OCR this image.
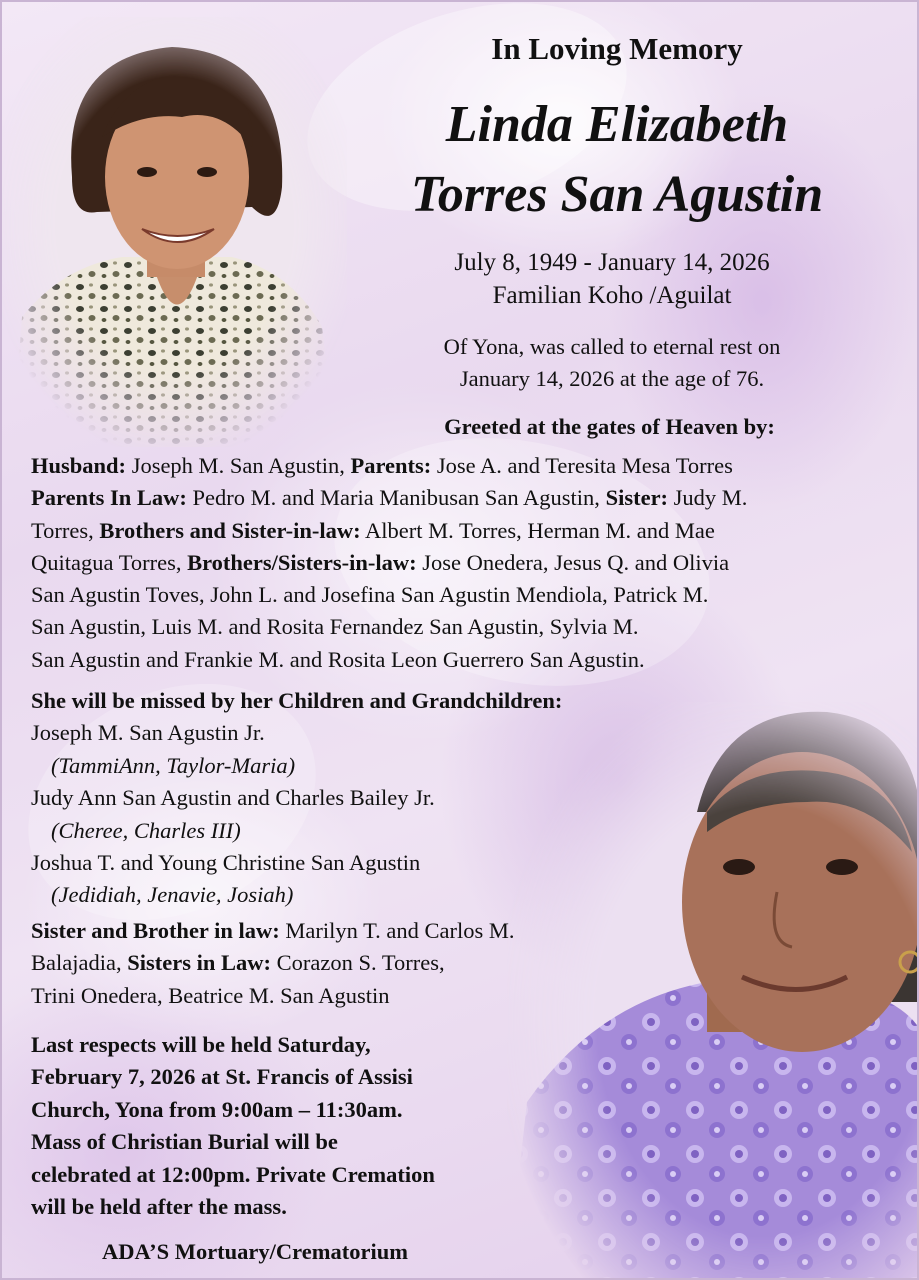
In Loving Memory
Linda Elizabeth
Torres San Agustin
July 8, 1949 - January 14, 2026
Familian Koho /Aguilat
Of Yona, was called to eternal rest on
January 14, 2026 at the age of 76.
Greeted at the gates of Heaven by:
Husband: Joseph M. San Agustin, Parents: Jose A. and Teresita Mesa Torres
Parents In Law: Pedro M. and Maria Manibusan San Agustin, Sister: Judy M.
Torres, Brothers and Sister-in-law: Albert M. Torres, Herman M. and Mae
Quitagua Torres, Brothers/Sisters-in-law: Jose Onedera, Jesus Q. and Olivia
San Agustin Toves, John L. and Josefina San Agustin Mendiola, Patrick M.
San Agustin, Luis M. and Rosita Fernandez San Agustin, Sylvia M.
San Agustin and Frankie M. and Rosita Leon Guerrero San Agustin.
She will be missed by her Children and Grandchildren:
Joseph M. San Agustin Jr.
(TammiAnn, Taylor-Maria)
Judy Ann San Agustin and Charles Bailey Jr.
(Cheree, Charles III)
Joshua T. and Young Christine San Agustin
(Jedidiah, Jenavie, Josiah)
Sister and Brother in law: Marilyn T. and Carlos M.
Balajadia, Sisters in Law: Corazon S. Torres,
Trini Onedera, Beatrice M. San Agustin
Last respects will be held Saturday,
February 7, 2026 at St. Francis of Assisi
Church, Yona from 9:00am – 11:30am.
Mass of Christian Burial will be
celebrated at 12:00pm. Private Cremation
will be held after the mass.
ADA’S Mortuary/Crematorium
